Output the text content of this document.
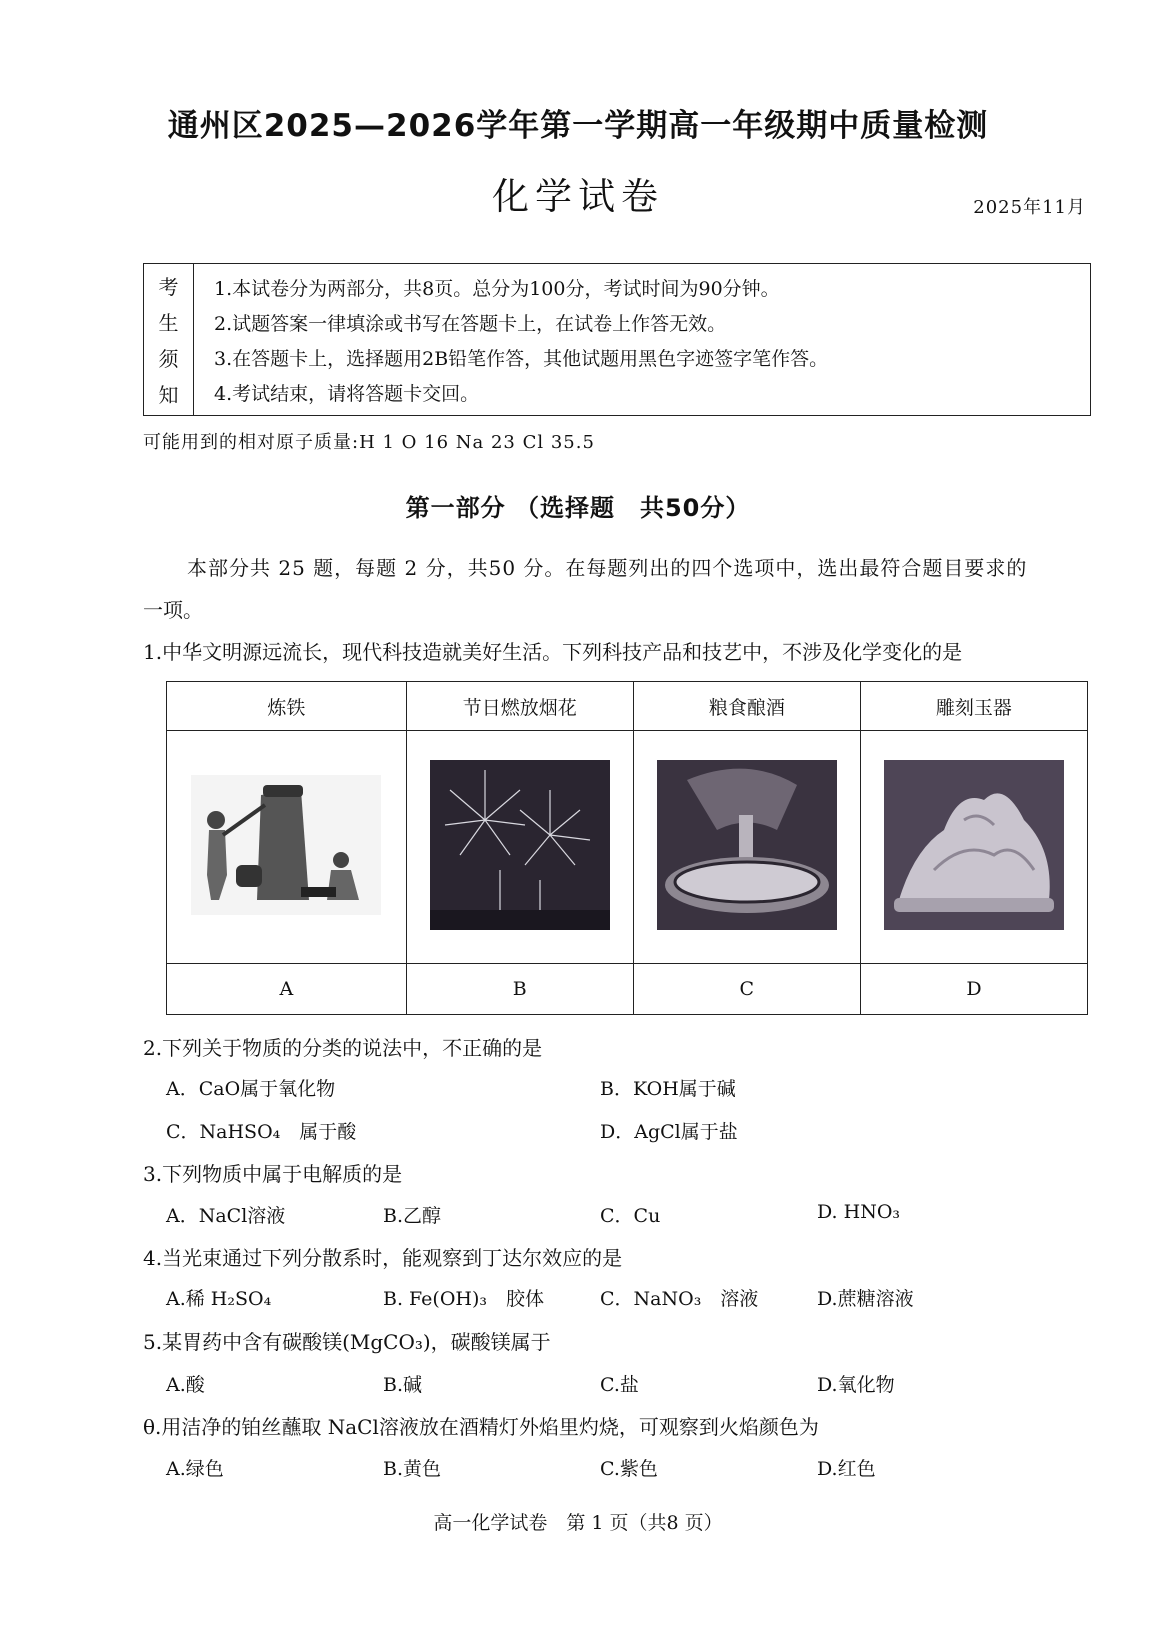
通州区2025—2026学年第一学期高一年级期中质量检测
化学试卷	2025年11月
考
生
须
知
1.本试卷分为两部分，共8页。总分为100分，考试时间为90分钟。
2.试题答案一律填涂或书写在答题卡上，在试卷上作答无效。
3.在答题卡上，选择题用2B铅笔作答，其他试题用黑色字迹签字笔作答。
4.考试结束，请将答题卡交回。
可能用到的相对原子质量:H 1 O 16 Na 23 Cl 35.5
第一部分 （选择题　共50分）
本部分共 25 题，每题 2 分，共50 分。在每题列出的四个选项中，选出最符合题目要求的
一项。
1.中华文明源远流长，现代科技造就美好生活。下列科技产品和技艺中，不涉及化学变化的是
炼铁	节日燃放烟花	粮食酿酒	雕刻玉器

A	B	C	D
2.下列关于物质的分类的说法中，不正确的是
A．CaO属于氧化物	B．KOH属于碱
C．NaHSO₄　属于酸	D．AgCl属于盐
3.下列物质中属于电解质的是
A．NaCl溶液	B.乙醇	C．Cu	D. HNO₃
4.当光束通过下列分散系时，能观察到丁达尔效应的是
A.稀 H₂SO₄	B. Fe(OH)₃　胶体	C．NaNO₃　溶液	D.蔗糖溶液
5.某胃药中含有碳酸镁(MgCO₃)，碳酸镁属于
A.酸	B.碱	C.盐	D.氧化物
θ.用洁净的铂丝蘸取 NaCl溶液放在酒精灯外焰里灼烧，可观察到火焰颜色为
A.绿色	B.黄色	C.紫色	D.红色
高一化学试卷　第 1 页（共8 页）
